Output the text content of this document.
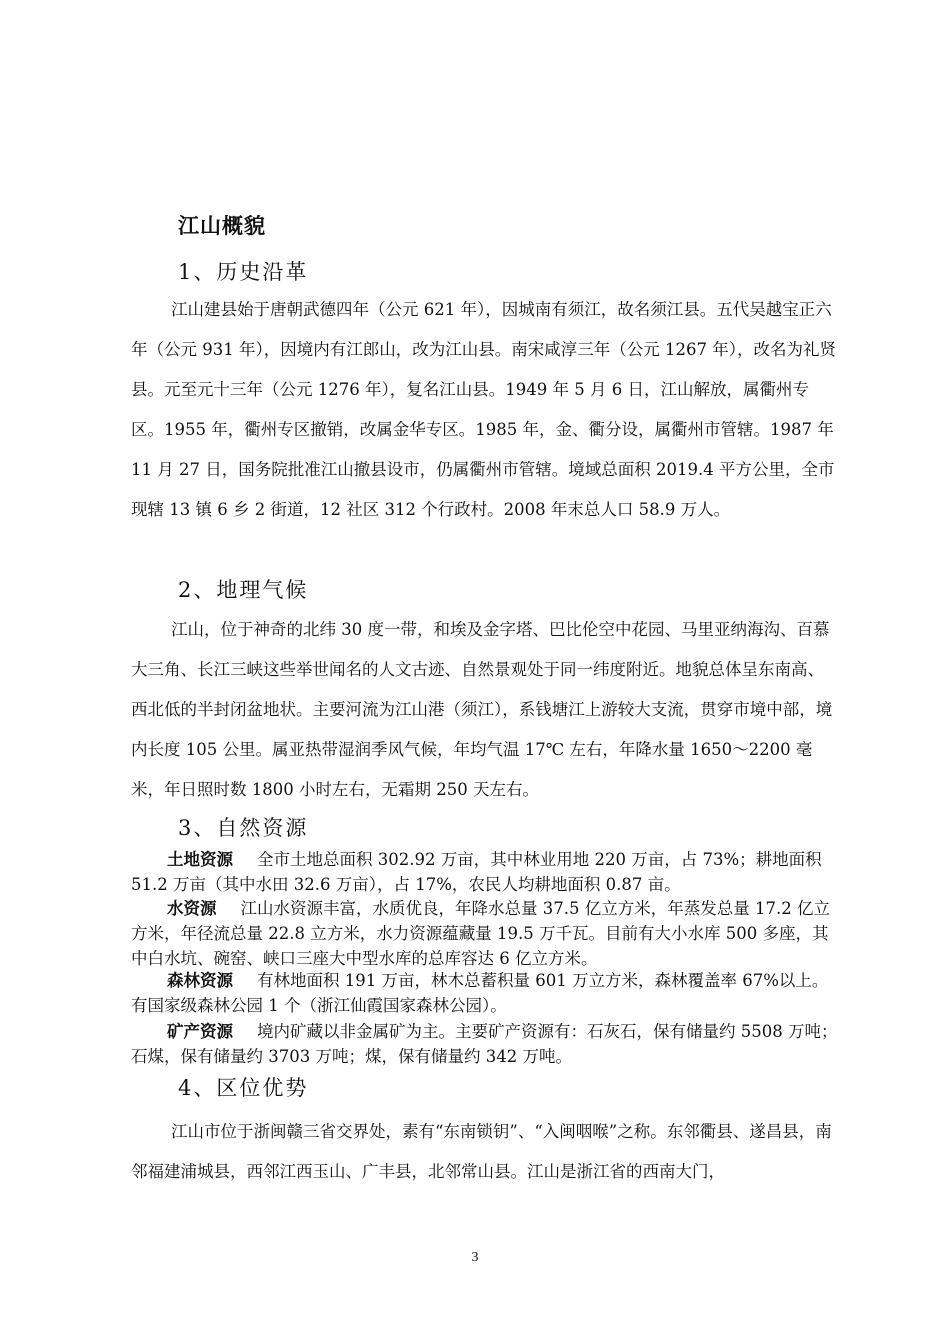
江山概貌
1、历史沿革

江山建县始于唐朝武德四年（公元 621 年），因城南有须江，故名须江县。五代吴越宝正六年（公元 931 年），因境内有江郎山，改为江山县。南宋咸淳三年（公元 1267 年），改名为礼贤县。元至元十三年（公元 1276 年），复名江山县。1949 年 5 月 6 日，江山解放，属衢州专区。1955 年，衢州专区撤销，改属金华专区。1985 年，金、衢分设，属衢州市管辖。1987 年 11 月 27 日，国务院批准江山撤县设市，仍属衢州市管辖。境域总面积 2019.4 平方公里，全市现辖 13 镇 6 乡 2 街道，12 社区 312 个行政村。2008 年末总人口 58.9 万人。

2、地理气候

江山，位于神奇的北纬 30 度一带，和埃及金字塔、巴比伦空中花园、马里亚纳海沟、百慕大三角、长江三峡这些举世闻名的人文古迹、自然景观处于同一纬度附近。地貌总体呈东南高、西北低的半封闭盆地状。主要河流为江山港（须江），系钱塘江上游较大支流，贯穿市境中部，境内长度 105 公里。属亚热带湿润季风气候，年均气温 17℃ 左右，年降水量 1650～2200 毫米，年日照时数 1800 小时左右，无霜期 250 天左右。

3、自然资源

土地资源 全市土地总面积 302.92 万亩，其中林业用地 220 万亩，占 73%；耕地面积 51.2 万亩（其中水田 32.6 万亩），占 17%，农民人均耕地面积 0.87 亩。

水资源 江山水资源丰富，水质优良，年降水总量 37.5 亿立方米，年蒸发总量 17.2 亿立方米，年径流总量 22.8 立方米，水力资源蕴藏量 19.5 万千瓦。目前有大小水库 500 多座，其中白水坑、碗窑、峡口三座大中型水库的总库容达 6 亿立方米。

森林资源 有林地面积 191 万亩，林木总蓄积量 601 万立方米，森林覆盖率 67%以上。有国家级森林公园 1 个（浙江仙霞国家森林公园）。

矿产资源 境内矿藏以非金属矿为主。主要矿产资源有：石灰石，保有储量约 5508 万吨；石煤，保有储量约 3703 万吨；煤，保有储量约 342 万吨。

4、区位优势

江山市位于浙闽赣三省交界处，素有“东南锁钥”、“入闽咽喉”之称。东邻衢县、遂昌县，南邻福建浦城县，西邻江西玉山、广丰县，北邻常山县。江山是浙江省的西南大门，

3
